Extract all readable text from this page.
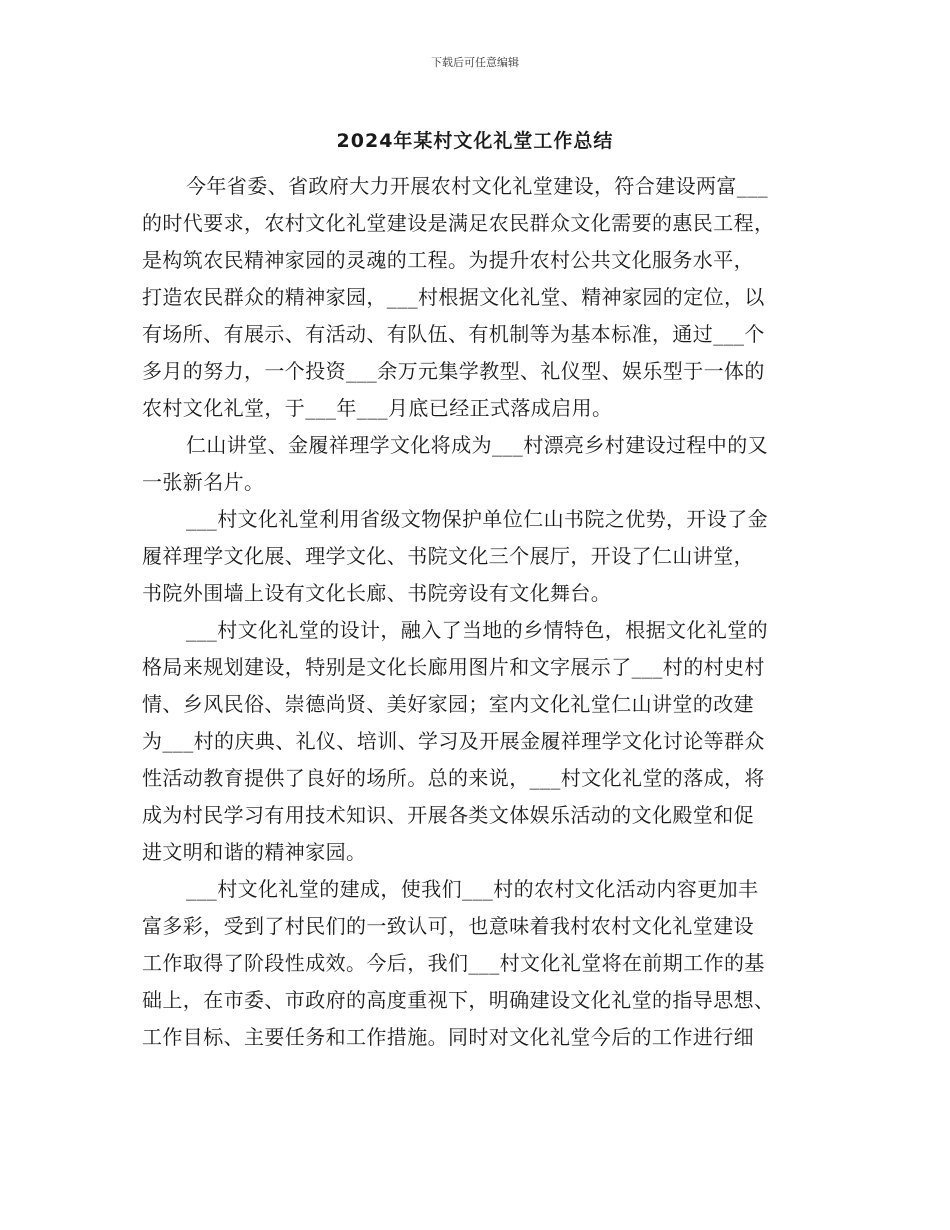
下载后可任意编辑
2024年某村文化礼堂工作总结
今年省委、省政府大力开展农村文化礼堂建设，符合建设两富___
的时代要求，农村文化礼堂建设是满足农民群众文化需要的惠民工程，
是构筑农民精神家园的灵魂的工程。为提升农村公共文化服务水平，
打造农民群众的精神家园，___村根据文化礼堂、精神家园的定位，以
有场所、有展示、有活动、有队伍、有机制等为基本标准，通过___个
多月的努力，一个投资___余万元集学教型、礼仪型、娱乐型于一体的
农村文化礼堂，于___年___月底已经正式落成启用。
仁山讲堂、金履祥理学文化将成为___村漂亮乡村建设过程中的又
一张新名片。
___村文化礼堂利用省级文物保护单位仁山书院之优势，开设了金
履祥理学文化展、理学文化、书院文化三个展厅，开设了仁山讲堂，
书院外围墙上设有文化长廊、书院旁设有文化舞台。
___村文化礼堂的设计，融入了当地的乡情特色，根据文化礼堂的
格局来规划建设，特别是文化长廊用图片和文字展示了___村的村史村
情、乡风民俗、崇德尚贤、美好家园；室内文化礼堂仁山讲堂的改建
为___村的庆典、礼仪、培训、学习及开展金履祥理学文化讨论等群众
性活动教育提供了良好的场所。总的来说，___村文化礼堂的落成，将
成为村民学习有用技术知识、开展各类文体娱乐活动的文化殿堂和促
进文明和谐的精神家园。
___村文化礼堂的建成，使我们___村的农村文化活动内容更加丰
富多彩，受到了村民们的一致认可，也意味着我村农村文化礼堂建设
工作取得了阶段性成效。今后，我们___村文化礼堂将在前期工作的基
础上，在市委、市政府的高度重视下，明确建设文化礼堂的指导思想、
工作目标、主要任务和工作措施。同时对文化礼堂今后的工作进行细
